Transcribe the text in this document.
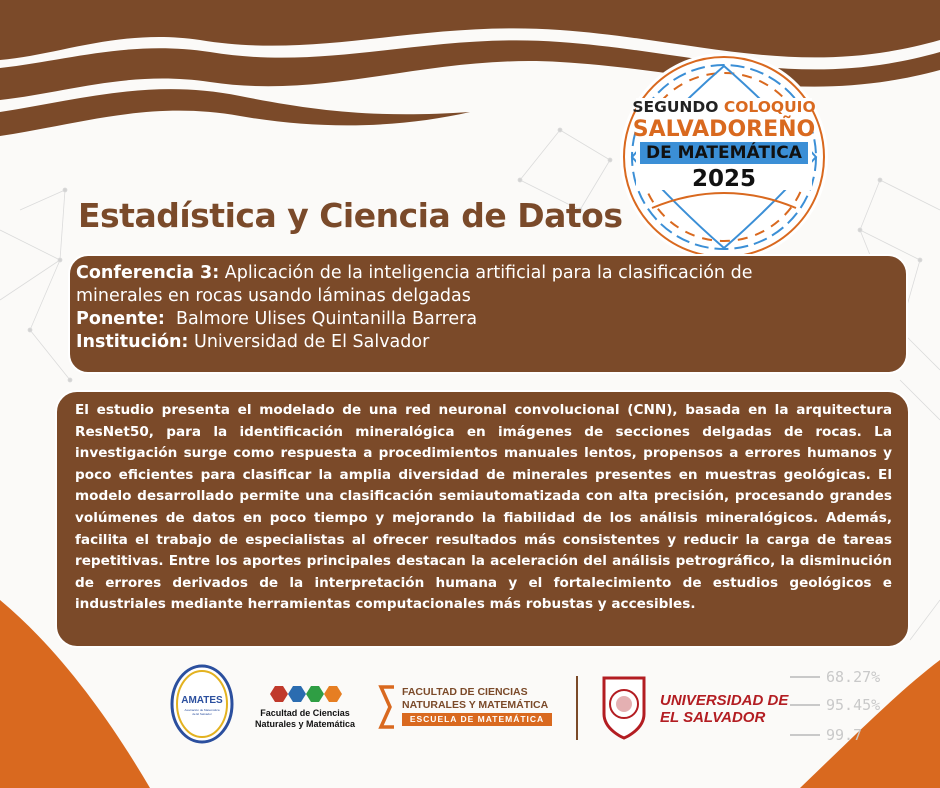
68.27%
95.45%
99.7
SEGUNDO COLOQUIO
SALVADOREÑO
DE MATEMÁTICA
2025
Estadística y Ciencia de Datos
Conferencia 3: Aplicación de la inteligencia artificial para la clasificación de
minerales en rocas usando láminas delgadas
Ponente: Balmore Ulises Quintanilla Barrera
Institución: Universidad de El Salvador

El estudio presenta el modelado de una red neuronal convolucional (CNN), basada en la arquitectura ResNet50, para la identificación mineralógica en imágenes de secciones delgadas de rocas. La investigación surge como respuesta a procedimientos manuales lentos, propensos a errores humanos y poco eficientes para clasificar la amplia diversidad de minerales presentes en muestras geológicas. El modelo desarrollado permite una clasificación semiautomatizada con alta precisión, procesando grandes volúmenes de datos en poco tiempo y mejorando la fiabilidad de los análisis mineralógicos. Además, facilita el trabajo de especialistas al ofrecer resultados más consistentes y reducir la carga de tareas repetitivas. Entre los aportes principales destacan la aceleración del análisis petrográfico, la disminución de errores derivados de la interpretación humana y el fortalecimiento de estudios geológicos e industriales mediante herramientas computacionales más robustas y accesibles.

AMATES
Asociación de Matemática de El Salvador	Facultad de Ciencias
Naturales y Matemática
FACULTAD DE CIENCIAS
NATURALES Y MATEMÁTICA
ESCUELA DE MATEMÁTICA
UNIVERSIDAD DE
EL SALVADOR
